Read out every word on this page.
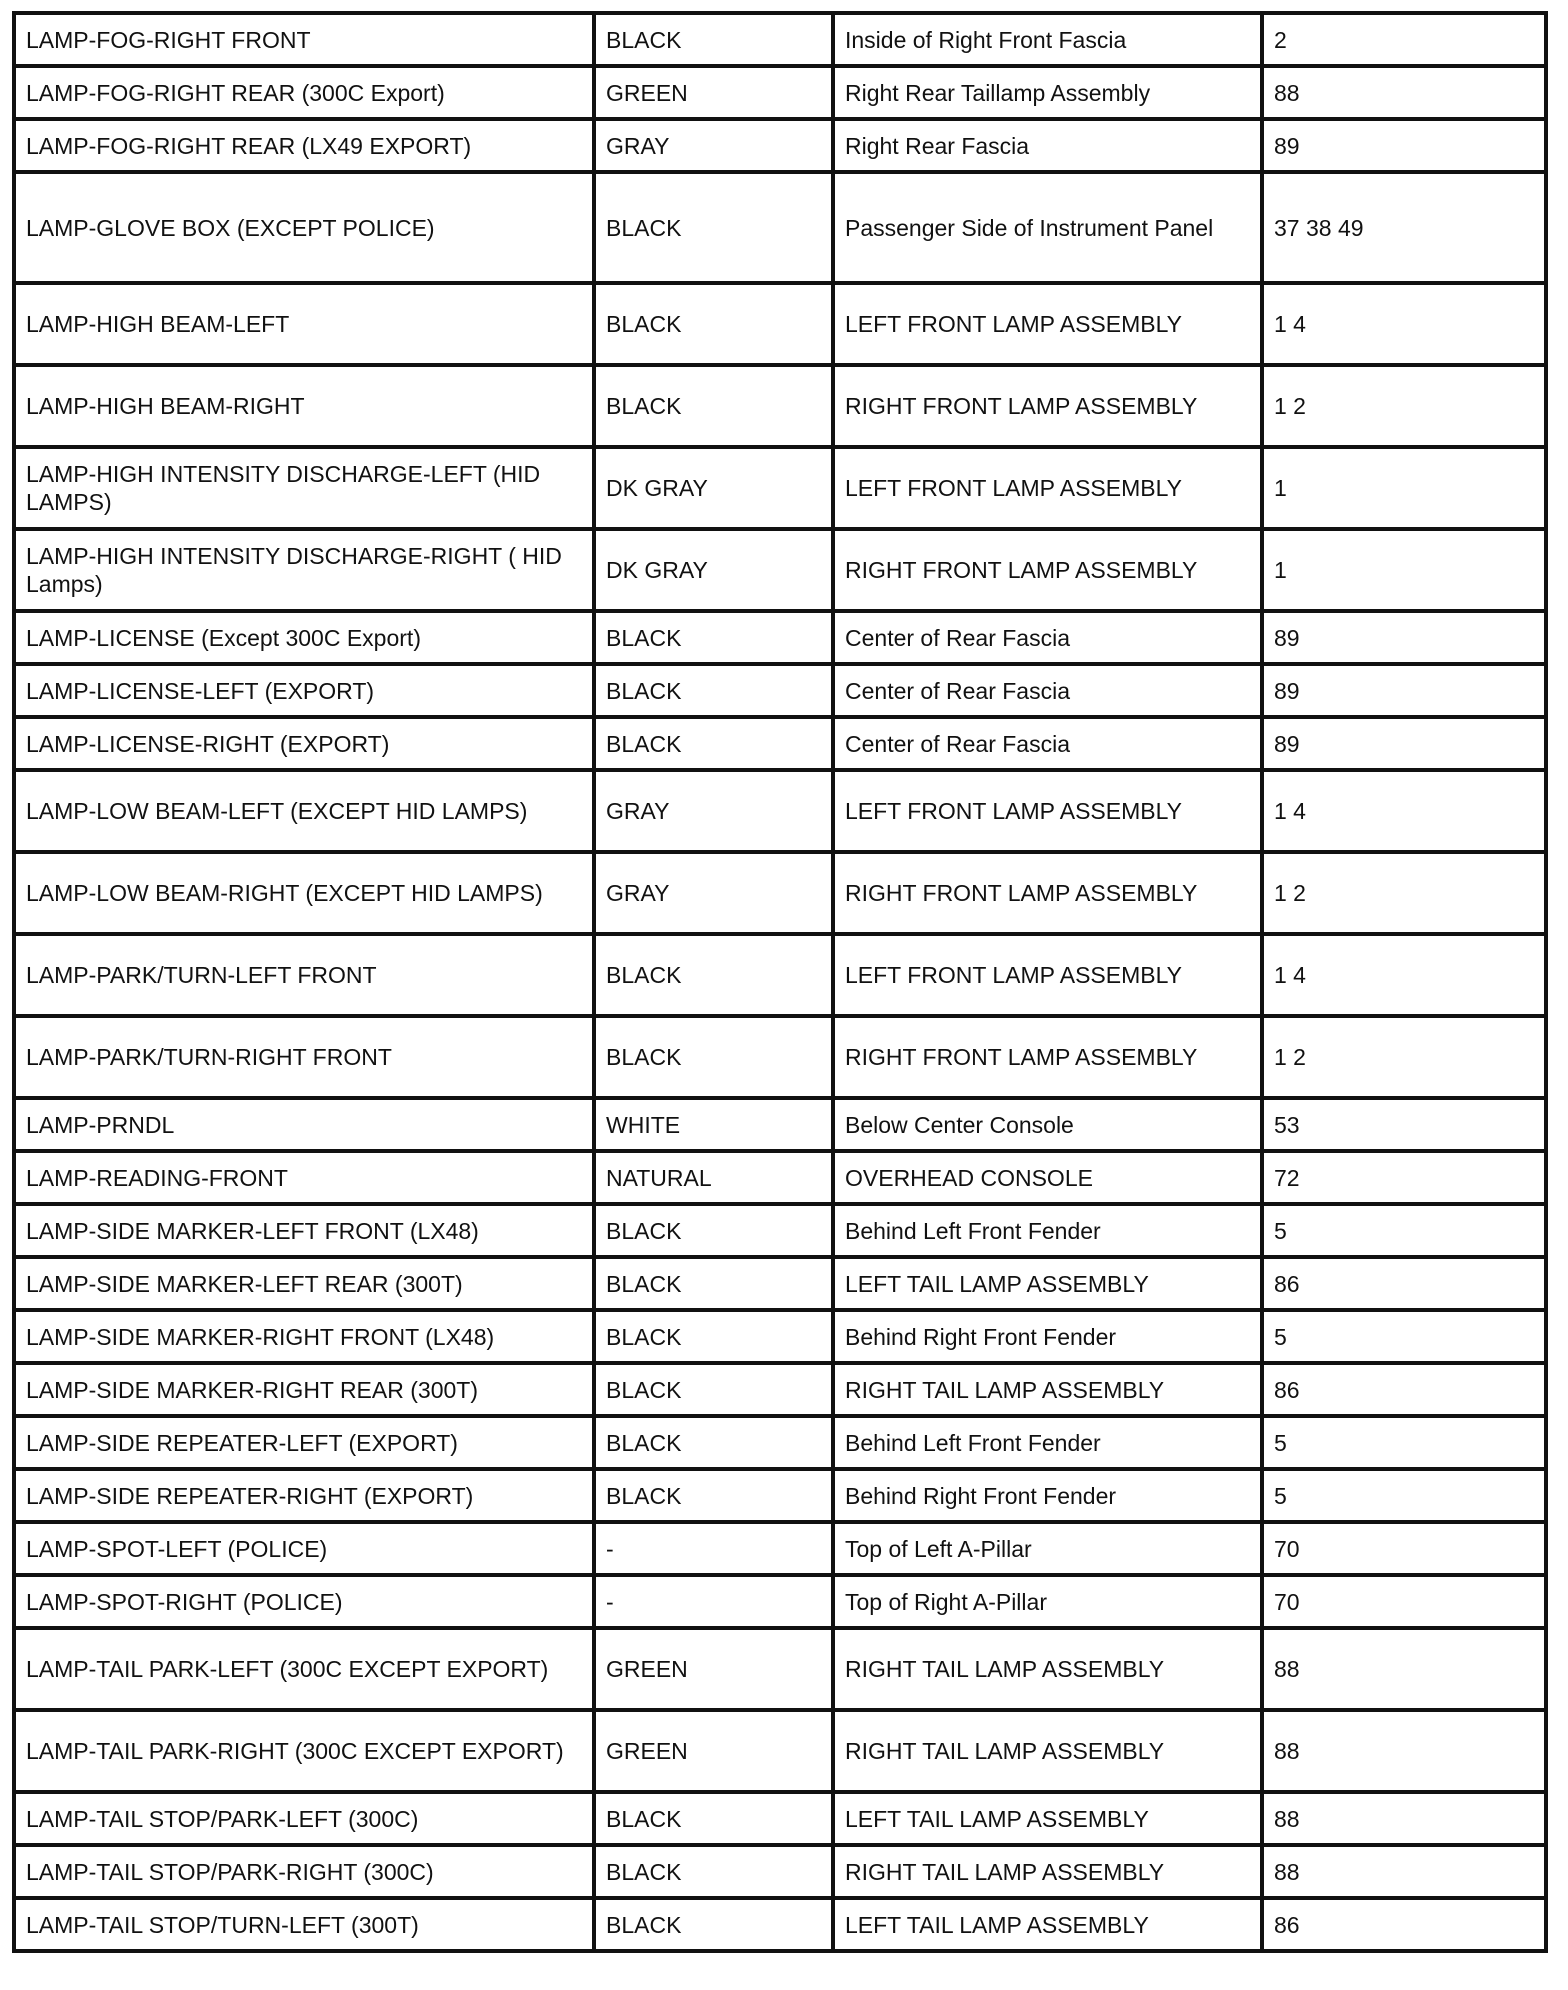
LAMP-FOG-RIGHT FRONT	BLACK	Inside of Right Front Fascia	2
LAMP-FOG-RIGHT REAR (300C Export)	GREEN	Right Rear Taillamp Assembly	88
LAMP-FOG-RIGHT REAR (LX49 EXPORT)	GRAY	Right Rear Fascia	89
LAMP-GLOVE BOX (EXCEPT POLICE)	BLACK	Passenger Side of Instrument Panel	37 38 49
LAMP-HIGH BEAM-LEFT	BLACK	LEFT FRONT LAMP ASSEMBLY	1 4
LAMP-HIGH BEAM-RIGHT	BLACK	RIGHT FRONT LAMP ASSEMBLY	1 2
LAMP-HIGH INTENSITY DISCHARGE-LEFT (HID LAMPS)	DK GRAY	LEFT FRONT LAMP ASSEMBLY	1
LAMP-HIGH INTENSITY DISCHARGE-RIGHT ( HID Lamps)	DK GRAY	RIGHT FRONT LAMP ASSEMBLY	1
LAMP-LICENSE (Except 300C Export)	BLACK	Center of Rear Fascia	89
LAMP-LICENSE-LEFT (EXPORT)	BLACK	Center of Rear Fascia	89
LAMP-LICENSE-RIGHT (EXPORT)	BLACK	Center of Rear Fascia	89
LAMP-LOW BEAM-LEFT (EXCEPT HID LAMPS)	GRAY	LEFT FRONT LAMP ASSEMBLY	1 4
LAMP-LOW BEAM-RIGHT (EXCEPT HID LAMPS)	GRAY	RIGHT FRONT LAMP ASSEMBLY	1 2
LAMP-PARK/TURN-LEFT FRONT	BLACK	LEFT FRONT LAMP ASSEMBLY	1 4
LAMP-PARK/TURN-RIGHT FRONT	BLACK	RIGHT FRONT LAMP ASSEMBLY	1 2
LAMP-PRNDL	WHITE	Below Center Console	53
LAMP-READING-FRONT	NATURAL	OVERHEAD CONSOLE	72
LAMP-SIDE MARKER-LEFT FRONT (LX48)	BLACK	Behind Left Front Fender	5
LAMP-SIDE MARKER-LEFT REAR (300T)	BLACK	LEFT TAIL LAMP ASSEMBLY	86
LAMP-SIDE MARKER-RIGHT FRONT (LX48)	BLACK	Behind Right Front Fender	5
LAMP-SIDE MARKER-RIGHT REAR (300T)	BLACK	RIGHT TAIL LAMP ASSEMBLY	86
LAMP-SIDE REPEATER-LEFT (EXPORT)	BLACK	Behind Left Front Fender	5
LAMP-SIDE REPEATER-RIGHT (EXPORT)	BLACK	Behind Right Front Fender	5
LAMP-SPOT-LEFT (POLICE)	-	Top of Left A-Pillar	70
LAMP-SPOT-RIGHT (POLICE)	-	Top of Right A-Pillar	70
LAMP-TAIL PARK-LEFT (300C EXCEPT EXPORT)	GREEN	RIGHT TAIL LAMP ASSEMBLY	88
LAMP-TAIL PARK-RIGHT (300C EXCEPT EXPORT)	GREEN	RIGHT TAIL LAMP ASSEMBLY	88
LAMP-TAIL STOP/PARK-LEFT (300C)	BLACK	LEFT TAIL LAMP ASSEMBLY	88
LAMP-TAIL STOP/PARK-RIGHT (300C)	BLACK	RIGHT TAIL LAMP ASSEMBLY	88
LAMP-TAIL STOP/TURN-LEFT (300T)	BLACK	LEFT TAIL LAMP ASSEMBLY	86
